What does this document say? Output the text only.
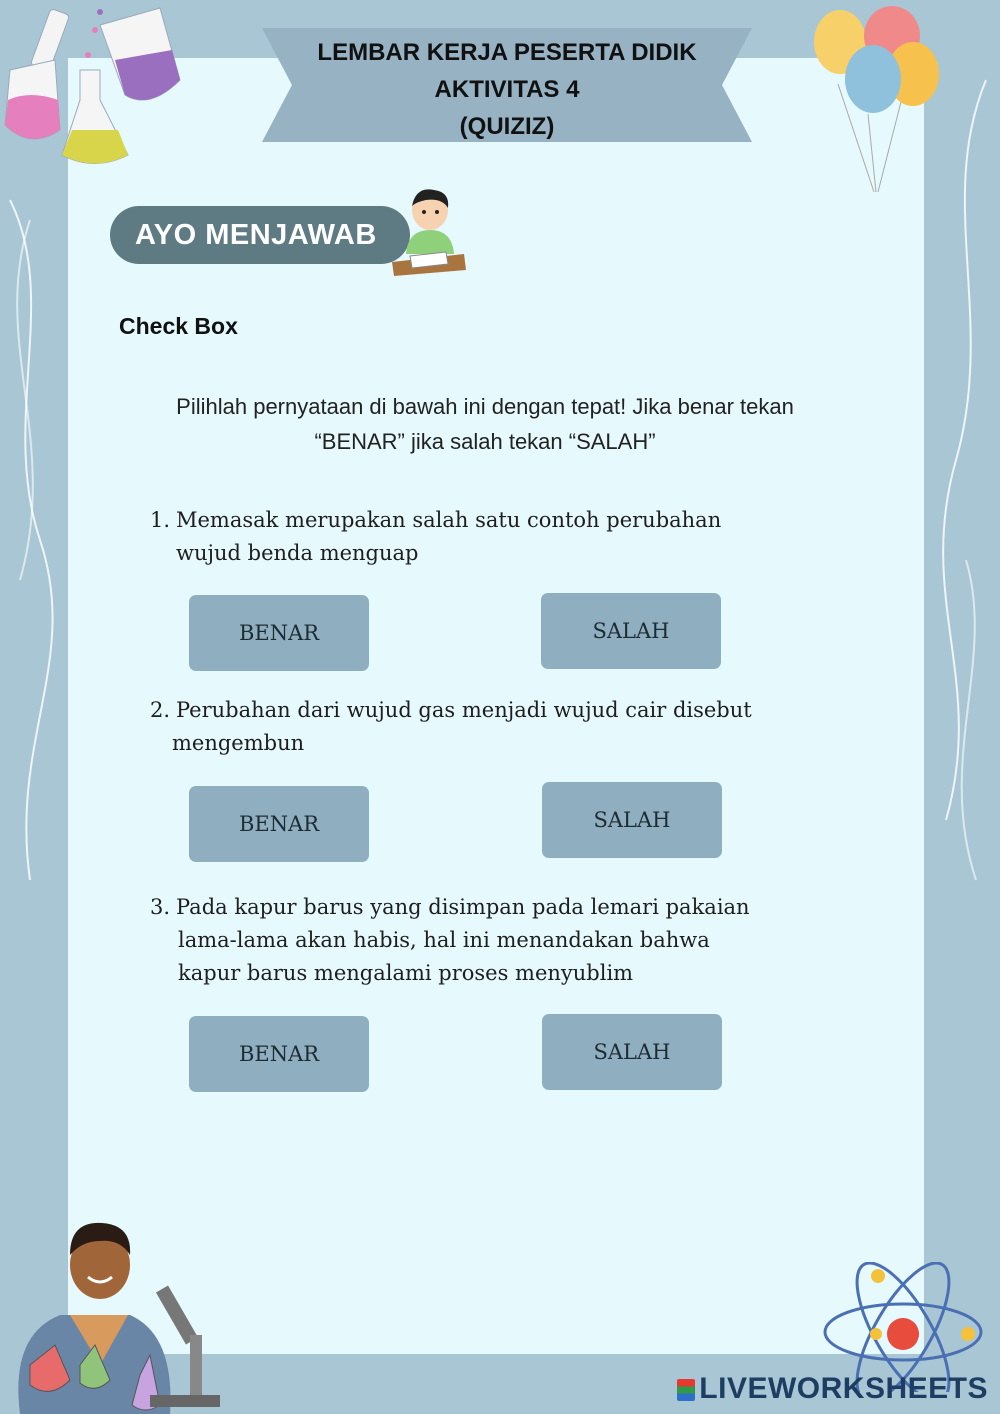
LEMBAR KERJA PESERTA DIDIK
AKTIVITAS 4
(QUIZIZ)
AYO MENJAWAB
Check Box
Pilihlah pernyataan di bawah ini dengan tepat! Jika benar tekan
“BENAR” jika salah tekan “SALAH”
1. Memasak merupakan salah satu contoh perubahan
wujud benda menguap
BENAR	SALAH
2. Perubahan dari wujud gas menjadi wujud cair disebut
mengembun
BENAR	SALAH
3. Pada kapur barus yang disimpan pada lemari pakaian
lama-lama akan habis, hal ini menandakan bahwa
kapur barus mengalami proses menyublim
BENAR	SALAH
LIVEWORKSHEETS
